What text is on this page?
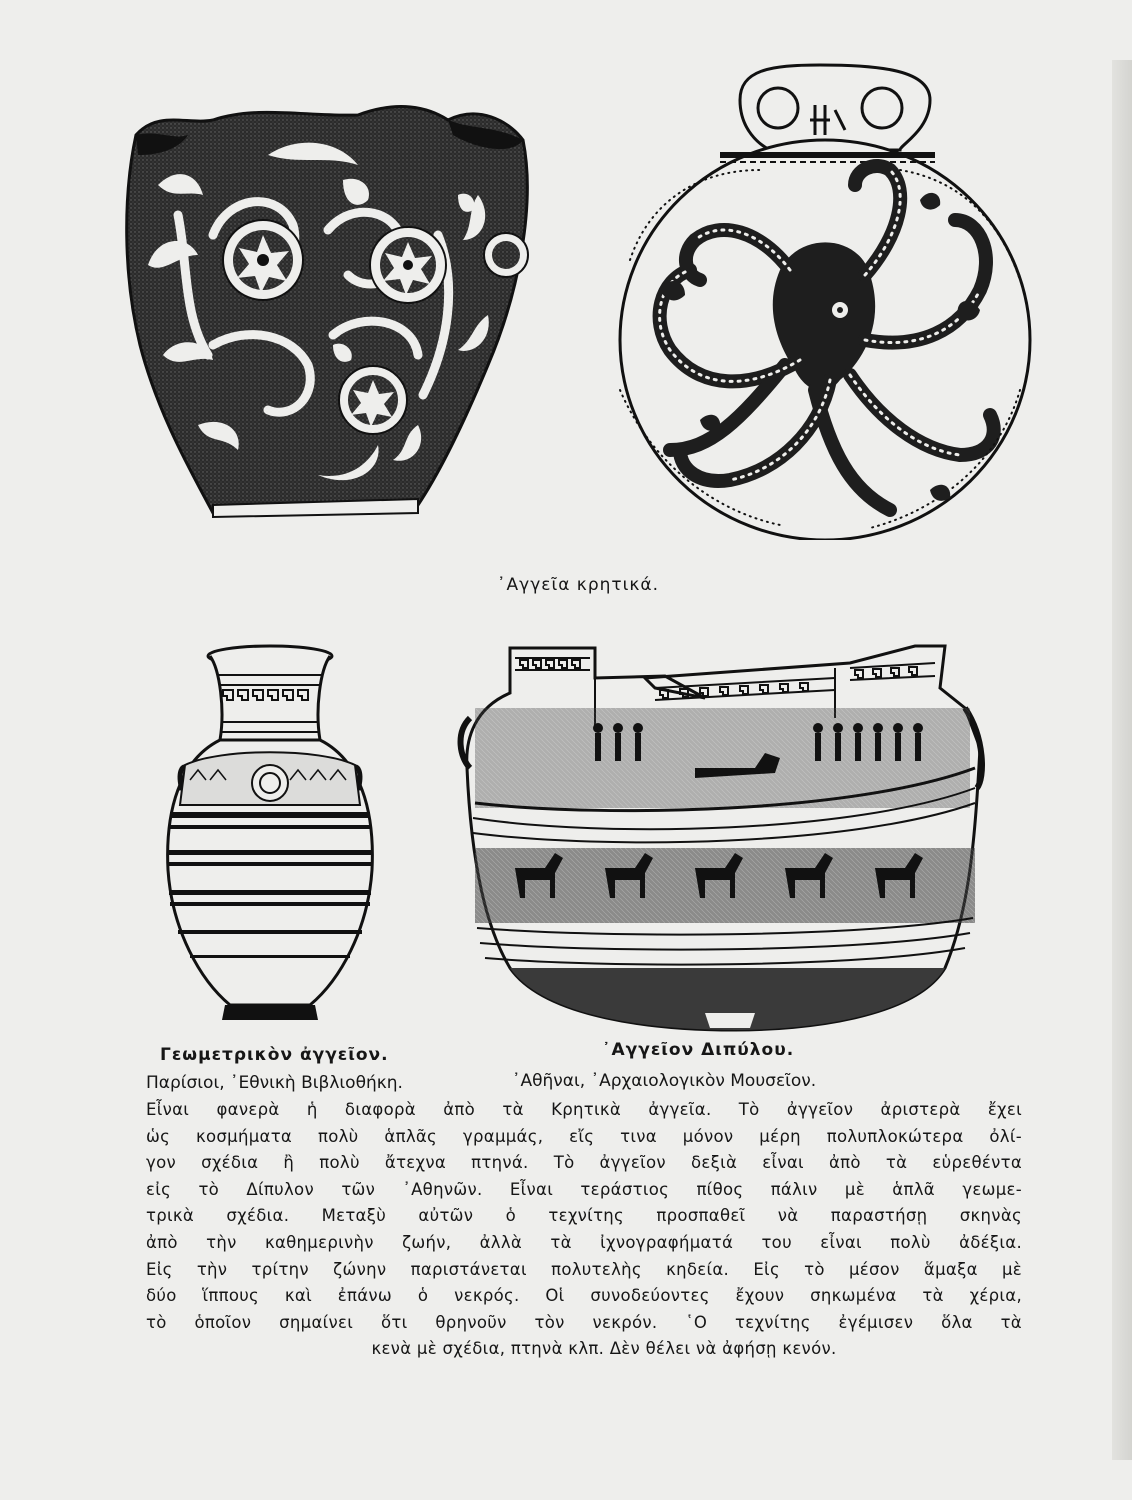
᾽Αγγεῖα κρητικά.
Γεωμετρικὸν ἀγγεῖον.	᾽Αγγεῖον Διπύλου.
Παρίσιοι, ᾽Εθνικὴ Βιβλιοθήκη.	᾽Αθῆναι, ᾽Αρχαιολογικὸν Μουσεῖον.
Εἶναι φανερὰ ἡ διαφορὰ ἀπὸ τὰ Κρητικὰ ἀγγεῖα. Τὸ ἀγγεῖον ἀριστερὰ ἔχει
ὡς κοσμήματα πολὺ ἁπλᾶς γραμμάς, εἴς τινα μόνον μέρη πολυπλοκώτερα ὀλί-
γον σχέδια ἢ πολὺ ἄτεχνα πτηνά. Τὸ ἀγγεῖον δεξιὰ εἶναι ἀπὸ τὰ εὑρεθέντα
εἰς τὸ Δίπυλον τῶν ᾽Αθηνῶν. Εἶναι τεράστιος πίθος πάλιν μὲ ἁπλᾶ γεωμε-
τρικὰ σχέδια. Μεταξὺ αὐτῶν ὁ τεχνίτης προσπαθεῖ νὰ παραστήσῃ σκηνὰς
ἀπὸ τὴν καθημερινὴν ζωήν, ἀλλὰ τὰ ἰχνογραφήματά του εἶναι πολὺ ἀδέξια.
Εἰς τὴν τρίτην ζώνην παριστάνεται πολυτελὴς κηδεία. Εἰς τὸ μέσον ἅμαξα μὲ
δύο ἵππους καὶ ἐπάνω ὁ νεκρός. Οἱ συνοδεύοντες ἔχουν σηκωμένα τὰ χέρια,
τὸ ὁποῖον σημαίνει ὅτι θρηνοῦν τὸν νεκρόν. ῾Ο τεχνίτης ἐγέμισεν ὅλα τὰ
κενὰ μὲ σχέδια, πτηνὰ κλπ. Δὲν θέλει νὰ ἀφήσῃ κενόν.
